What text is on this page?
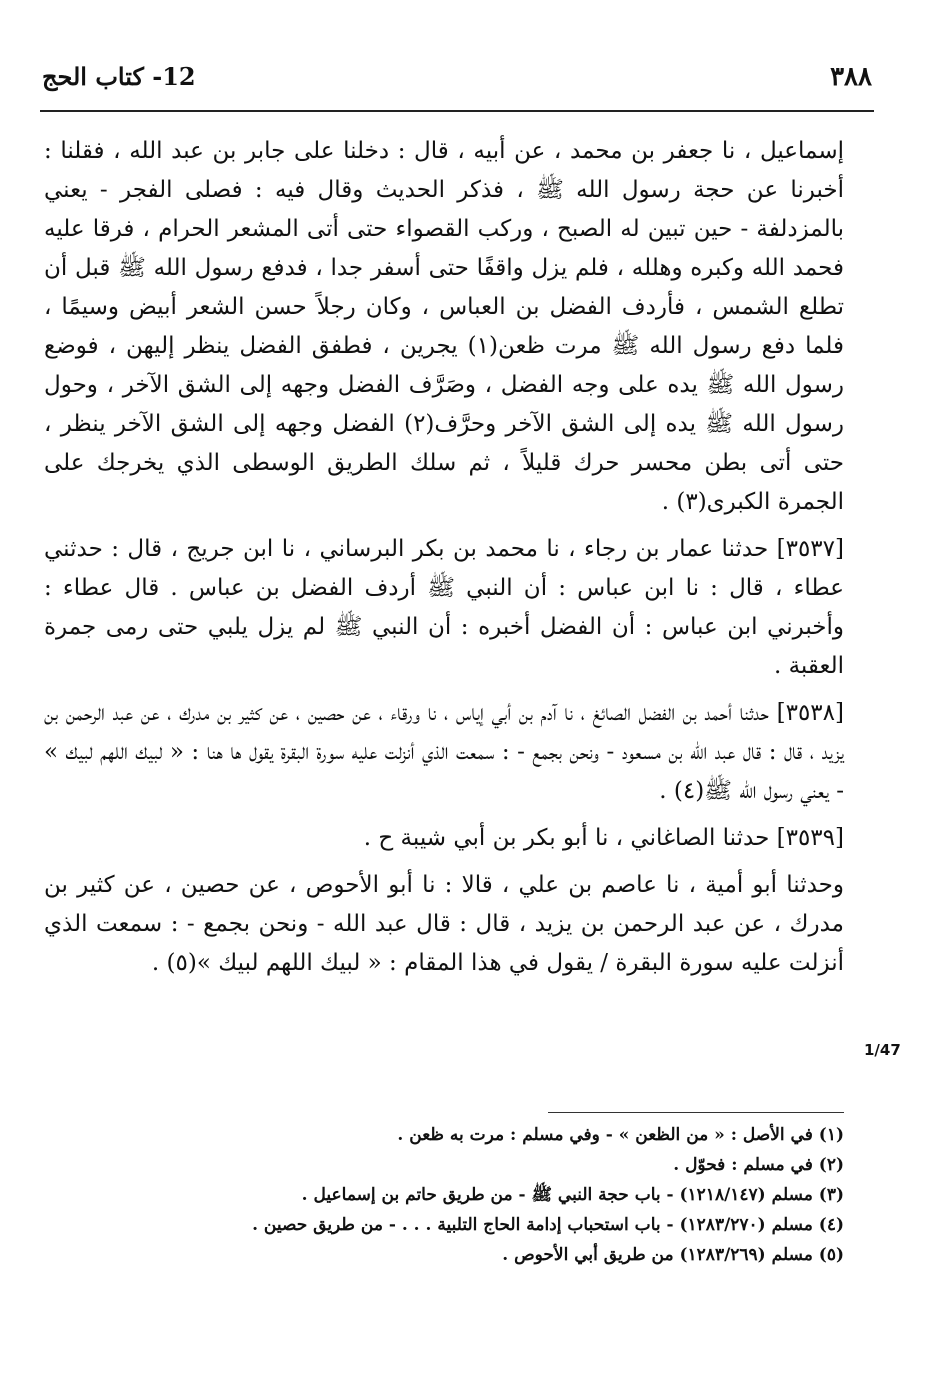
12- كتاب الحج	٣٨٨

إسماعيل ، نا جعفر بن محمد ، عن أبيه ، قال : دخلنا على جابر بن عبد الله ، فقلنا : أخبرنا عن حجة رسول الله ﷺ ، فذكر الحديث وقال فيه : فصلى الفجر - يعني بالمزدلفة - حين تبين له الصبح ، وركب القصواء حتى أتى المشعر الحرام ، فرقا عليه فحمد الله وكبره وهلله ، فلم يزل واقفًا حتى أسفر جدا ، فدفع رسول الله ﷺ قبل أن تطلع الشمس ، فأردف الفضل بن العباس ، وكان رجلاً حسن الشعر أبيض وسيمًا ، فلما دفع رسول الله ﷺ مرت ظعن(١) يجرين ، فطفق الفضل ينظر إليهن ، فوضع رسول الله ﷺ يده على وجه الفضل ، وصَرَّف الفضل وجهه إلى الشق الآخر ، وحول رسول الله ﷺ يده إلى الشق الآخر وحرَّف(٢) الفضل وجهه إلى الشق الآخر ينظر ، حتى أتى بطن محسر حرك قليلاً ، ثم سلك الطريق الوسطى الذي يخرجك على الجمرة الكبرى(٣) .

[٣٥٣٧] حدثنا عمار بن رجاء ، نا محمد بن بكر البرساني ، نا ابن جريج ، قال : حدثني عطاء ، قال : نا ابن عباس : أن النبي ﷺ أردف الفضل بن عباس . قال عطاء : وأخبرني ابن عباس : أن الفضل أخبره : أن النبي ﷺ لم يزل يلبي حتى رمى جمرة العقبة .

[٣٥٣٨] حدثنا أحمد بن الفضل الصائغ ، نا آدم بن أبي إياس ، نا ورقاء ، عن حصين ، عن كثير بن مدرك ، عن عبد الرحمن بن يزيد ، قال : قال عبد الله بن مسعود - ونحن بجمع - : سمعت الذي أنزلت عليه سورة البقرة يقول ها هنا : « لبيك اللهم لبيك » - يعني رسول الله ﷺ(٤) .

[٣٥٣٩] حدثنا الصاغاني ، نا أبو بكر بن أبي شيبة ح .

وحدثنا أبو أمية ، نا عاصم بن علي ، قالا : نا أبو الأحوص ، عن حصين ، عن كثير بن مدرك ، عن عبد الرحمن بن يزيد ، قال : قال عبد الله - ونحن بجمع - : سمعت الذي أنزلت عليه سورة البقرة / يقول في هذا المقام : « لبيك اللهم لبيك »(٥) .

1/47
(١) في الأصل : « من الظعن » - وفي مسلم : مرت به ظعن .
(٢) في مسلم : فحوّل .
(٣) مسلم (١٢١٨/١٤٧) - باب حجة النبي ﷺ - من طريق حاتم بن إسماعيل .
(٤) مسلم (١٢٨٣/٢٧٠) - باب استحباب إدامة الحاج التلبية . . . - من طريق حصين .
(٥) مسلم (١٢٨٣/٢٦٩) من طريق أبي الأحوص .
